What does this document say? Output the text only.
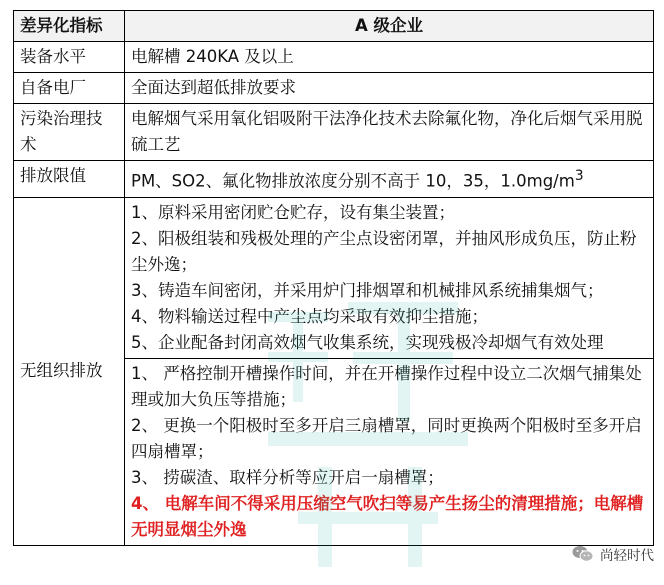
差异化指标	A 级企业
装备水平	电解槽 240KA 及以上
自备电厂	全面达到超低排放要求
污染治理技术	电解烟气采用氧化铝吸附干法净化技术去除氟化物，净化后烟气采用脱硫工艺
排放限值	PM、SO2、氟化物排放浓度分别不高于 10，35，$1.0mg/m^3$
无组织排放	1、原料采用密闭贮仓贮存，设有集尘装置；
2、阳极组装和残极处理的产尘点设密闭罩，并抽风形成负压，防止粉尘外逸；
3、铸造车间密闭，并采用炉门排烟罩和机械排风系统捕集烟气；
4、物料输送过程中产尘点均采取有效抑尘措施；
5、企业配备封闭高效烟气收集系统，实现残极冷却烟气有效处理

	1、 严格控制开槽操作时间，并在开槽操作过程中设立二次烟气捕集处理或加大负压等措施；
2、 更换一个阳极时至多开启三扇槽罩，同时更换两个阳极时至多开启四扇槽罩；
3、 捞碳渣、取样分析等应开启一扇槽罩；
4、 电解车间不得采用压缩空气吹扫等易产生扬尘的清理措施；电解槽无明显烟尘外逸
尚轻时代
